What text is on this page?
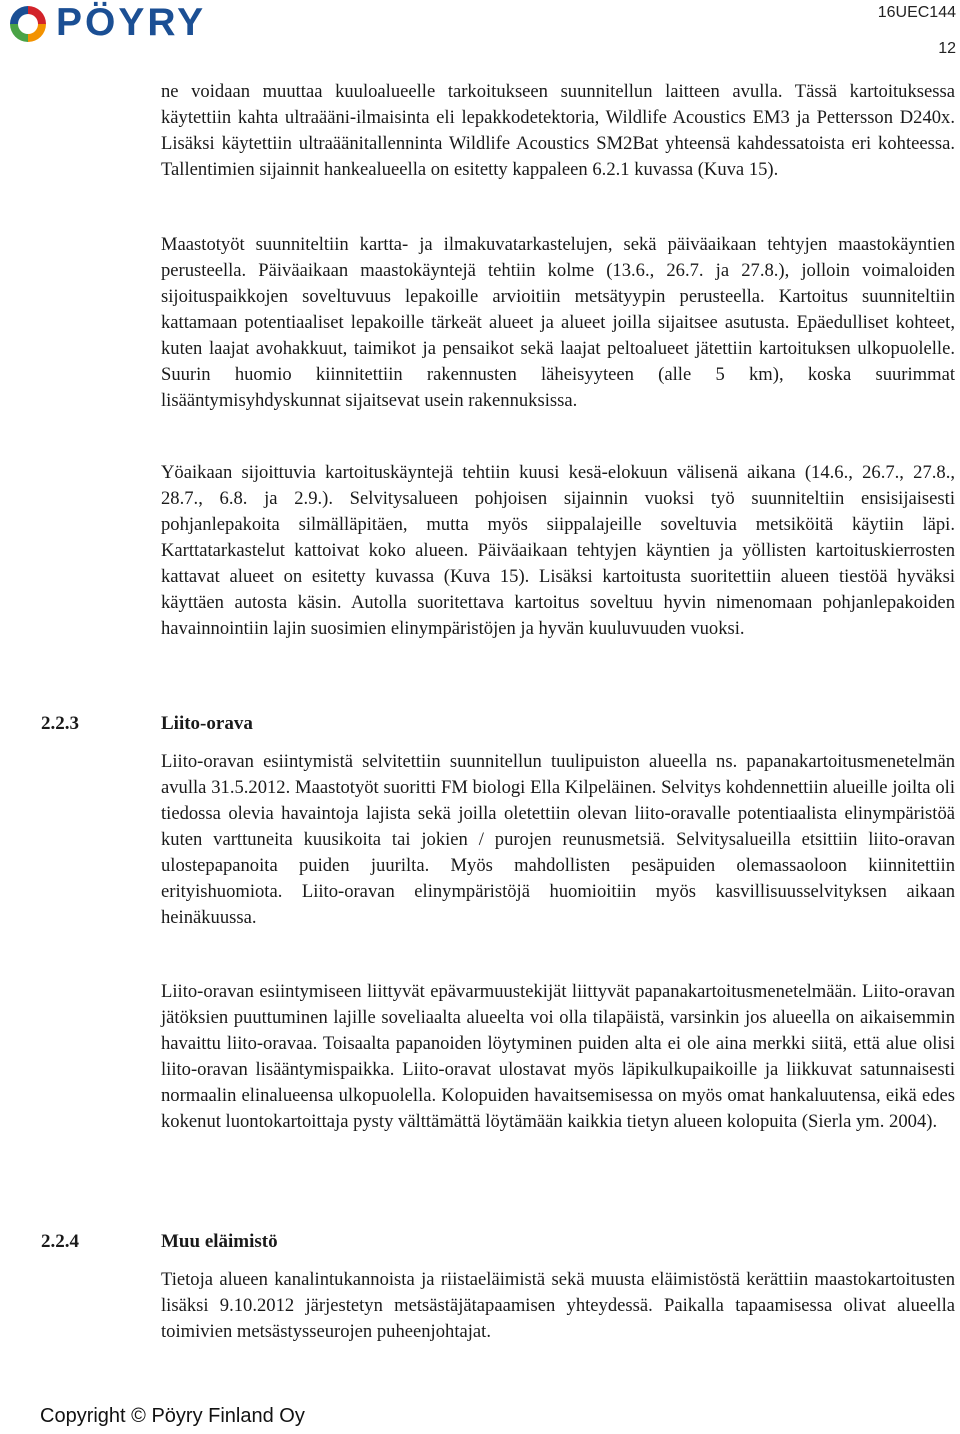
PÖYRY	16UEC144
12

ne voidaan muuttaa kuuloalueelle tarkoitukseen suunnitellun laitteen avulla. Tässä kartoituksessa käytettiin kahta ultraääni-ilmaisinta eli lepakkodetektoria, Wildlife Acoustics EM3 ja Pettersson D240x. Lisäksi käytettiin ultraäänitallenninta Wildlife Acoustics SM2Bat yhteensä kahdessatoista eri kohteessa. Tallentimien sijainnit hankealueella on esitetty kappaleen 6.2.1 kuvassa (Kuva 15).

Maastotyöt suunniteltiin kartta- ja ilmakuvatarkastelujen, sekä päiväaikaan tehtyjen maastokäyntien perusteella. Päiväaikaan maastokäyntejä tehtiin kolme (13.6., 26.7. ja 27.8.), jolloin voimaloiden sijoituspaikkojen soveltuvuus lepakoille arvioitiin metsätyypin perusteella. Kartoitus suunniteltiin kattamaan potentiaaliset lepakoille tärkeät alueet ja alueet joilla sijaitsee asutusta. Epäedulliset kohteet, kuten laajat avohakkuut, taimikot ja pensaikot sekä laajat peltoalueet jätettiin kartoituksen ulkopuolelle. Suurin huomio kiinnitettiin rakennusten läheisyyteen (alle 5 km), koska suurimmat lisääntymisyhdyskunnat sijaitsevat usein rakennuksissa.

Yöaikaan sijoittuvia kartoituskäyntejä tehtiin kuusi kesä-elokuun välisenä aikana (14.6., 26.7., 27.8., 28.7., 6.8. ja 2.9.). Selvitysalueen pohjoisen sijainnin vuoksi työ suunniteltiin ensisijaisesti pohjanlepakoita silmälläpitäen, mutta myös siippalajeille soveltuvia metsiköitä käytiin läpi. Karttatarkastelut kattoivat koko alueen. Päiväaikaan tehtyjen käyntien ja yöllisten kartoituskierrosten kattavat alueet on esitetty kuvassa (Kuva 15). Lisäksi kartoitusta suoritettiin alueen tiestöä hyväksi käyttäen autosta käsin. Autolla suoritettava kartoitus soveltuu hyvin nimenomaan pohjanlepakoiden havainnointiin lajin suosimien elinympäristöjen ja hyvän kuuluvuuden vuoksi.

2.2.3	Liito-orava

Liito-oravan esiintymistä selvitettiin suunnitellun tuulipuiston alueella ns. papanakartoitusmenetelmän avulla 31.5.2012. Maastotyöt suoritti FM biologi Ella Kilpeläinen. Selvitys kohdennettiin alueille joilta oli tiedossa olevia havaintoja lajista sekä joilla oletettiin olevan liito-oravalle potentiaalista elinympäristöä kuten varttuneita kuusikoita tai jokien / purojen reunusmetsiä. Selvitysalueilla etsittiin liito-oravan ulostepapanoita puiden juurilta. Myös mahdollisten pesäpuiden olemassaoloon kiinnitettiin erityishuomiota. Liito-oravan elinympäristöjä huomioitiin myös kasvillisuusselvityksen aikaan heinäkuussa.

Liito-oravan esiintymiseen liittyvät epävarmuustekijät liittyvät papanakartoitusmenetelmään. Liito-oravan jätöksien puuttuminen lajille soveliaalta alueelta voi olla tilapäistä, varsinkin jos alueella on aikaisemmin havaittu liito-oravaa. Toisaalta papanoiden löytyminen puiden alta ei ole aina merkki siitä, että alue olisi liito-oravan lisääntymispaikka. Liito-oravat ulostavat myös läpikulkupaikoille ja liikkuvat satunnaisesti normaalin elinalueensa ulkopuolella. Kolopuiden havaitsemisessa on myös omat hankaluutensa, eikä edes kokenut luontokartoittaja pysty välttämättä löytämään kaikkia tietyn alueen kolopuita (Sierla ym. 2004).

2.2.4	Muu eläimistö

Tietoja alueen kanalintukannoista ja riistaeläimistä sekä muusta eläimistöstä kerättiin maastokartoitusten lisäksi 9.10.2012 järjestetyn metsästäjätapaamisen yhteydessä. Paikalla tapaamisessa olivat alueella toimivien metsästysseurojen puheenjohtajat.

Copyright © Pöyry Finland Oy
